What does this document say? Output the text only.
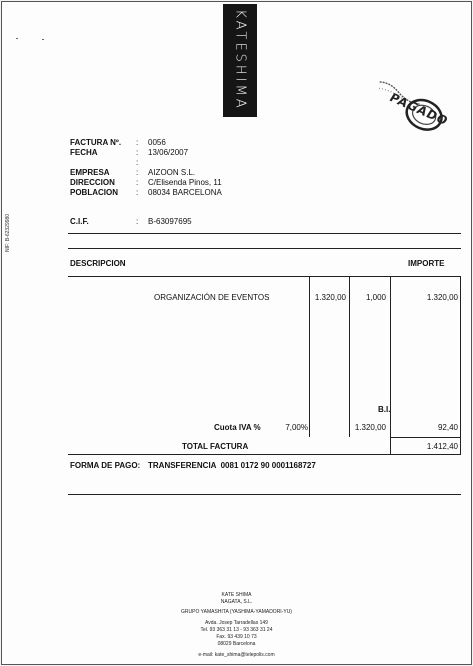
KATESHIMA	PAGADO
FACTURA Nº. : 0056
FECHA	: 13/06/2007
:
EMPRESA	: AIZOON S.L.
DIRECCION	: C/Elisenda Pinos, 11
POBLACION : 08034 BARCELONA
C.I.F.	: B-63097695
NIF: B-62329980
DESCRIPCION	IMPORTE
ORGANIZACIÓN DE EVENTOS	1.320,00	1,000	1.320,00
B.I.
Cuota IVA %	7,00%	1.320,00	92,40
TOTAL FACTURA	1.412,40
FORMA DE PAGO: TRANSFERENCIA  0081 0172 90 0001168727
KATE SHIMA
NAGATA, S.L.
GRUPO YAMASHITA (YASHIMA-YAMADORI-YU)
Avda. Josep Tarradellas 149
Tel. 93 363 31 13 - 93 363 31 24
Fax. 93 439 10 73
08029 Barcelona
e-mail: kate_shima@telepolis.com
